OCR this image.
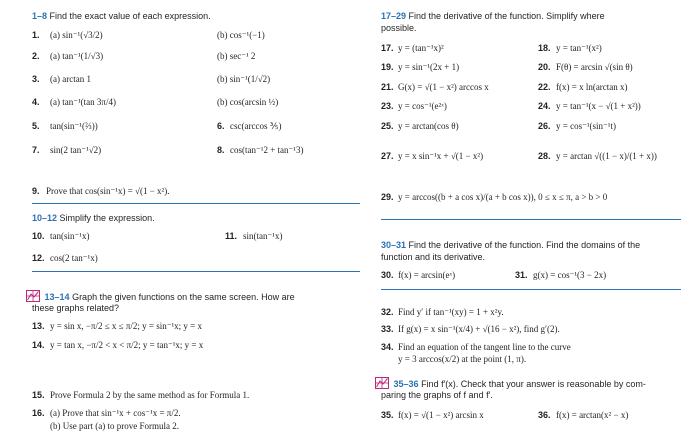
1–8 Find the exact value of each expression.
1. (a) sin⁻¹(√3/2)	(b) cos⁻¹(−1)
2. (a) tan⁻¹(1/√3)	(b) sec⁻¹ 2
3. (a) arctan 1	(b) sin⁻¹(1/√2)
4. (a) tan⁻¹(tan 3π/4)	(b) cos(arcsin ½)
5. tan(sin⁻¹(⅔))	6. csc(arccos ⅗)
7. sin(2 tan⁻¹√2)	8. cos(tan⁻¹2 + tan⁻¹3)
9. Prove that cos(sin⁻¹x) = √(1 − x²).
10–12 Simplify the expression.
10. tan(sin⁻¹x)	11. sin(tan⁻¹x)
12. cos(2 tan⁻¹x)
13–14 Graph the given functions on the same screen. How are
these graphs related?
13. y = sin x, −π/2 ≤ x ≤ π/2; y = sin⁻¹x; y = x
14. y = tan x, −π/2 < x < π/2; y = tan⁻¹x; y = x
15. Prove Formula 2 by the same method as for Formula 1.
16. (a) Prove that sin⁻¹x + cos⁻¹x = π/2.
(b) Use part (a) to prove Formula 2.
17–29 Find the derivative of the function. Simplify where
possible.
17. y = (tan⁻¹x)²	18. y = tan⁻¹(x²)
19. y = sin⁻¹(2x + 1)	20. F(θ) = arcsin √(sin θ)
21. G(x) = √(1 − x²) arccos x	22. f(x) = x ln(arctan x)
23. y = cos⁻¹(e²ˣ)	24. y = tan⁻¹(x − √(1 + x²))
25. y = arctan(cos θ)	26. y = cos⁻¹(sin⁻¹t)
27. y = x sin⁻¹x + √(1 − x²)	28. y = arctan √((1 − x)/(1 + x))
29. y = arccos((b + a cos x)/(a + b cos x)), 0 ≤ x ≤ π, a > b > 0
30–31 Find the derivative of the function. Find the domains of the
function and its derivative.
30. f(x) = arcsin(eˣ)	31. g(x) = cos⁻¹(3 − 2x)
32. Find y′ if tan⁻¹(xy) = 1 + x²y.
33. If g(x) = x sin⁻¹(x/4) + √(16 − x²), find g′(2).
34. Find an equation of the tangent line to the curve
y = 3 arccos(x/2) at the point (1, π).
35–36 Find f′(x). Check that your answer is reasonable by com-
paring the graphs of f and f′.
35. f(x) = √(1 − x²) arcsin x	36. f(x) = arctan(x² − x)
